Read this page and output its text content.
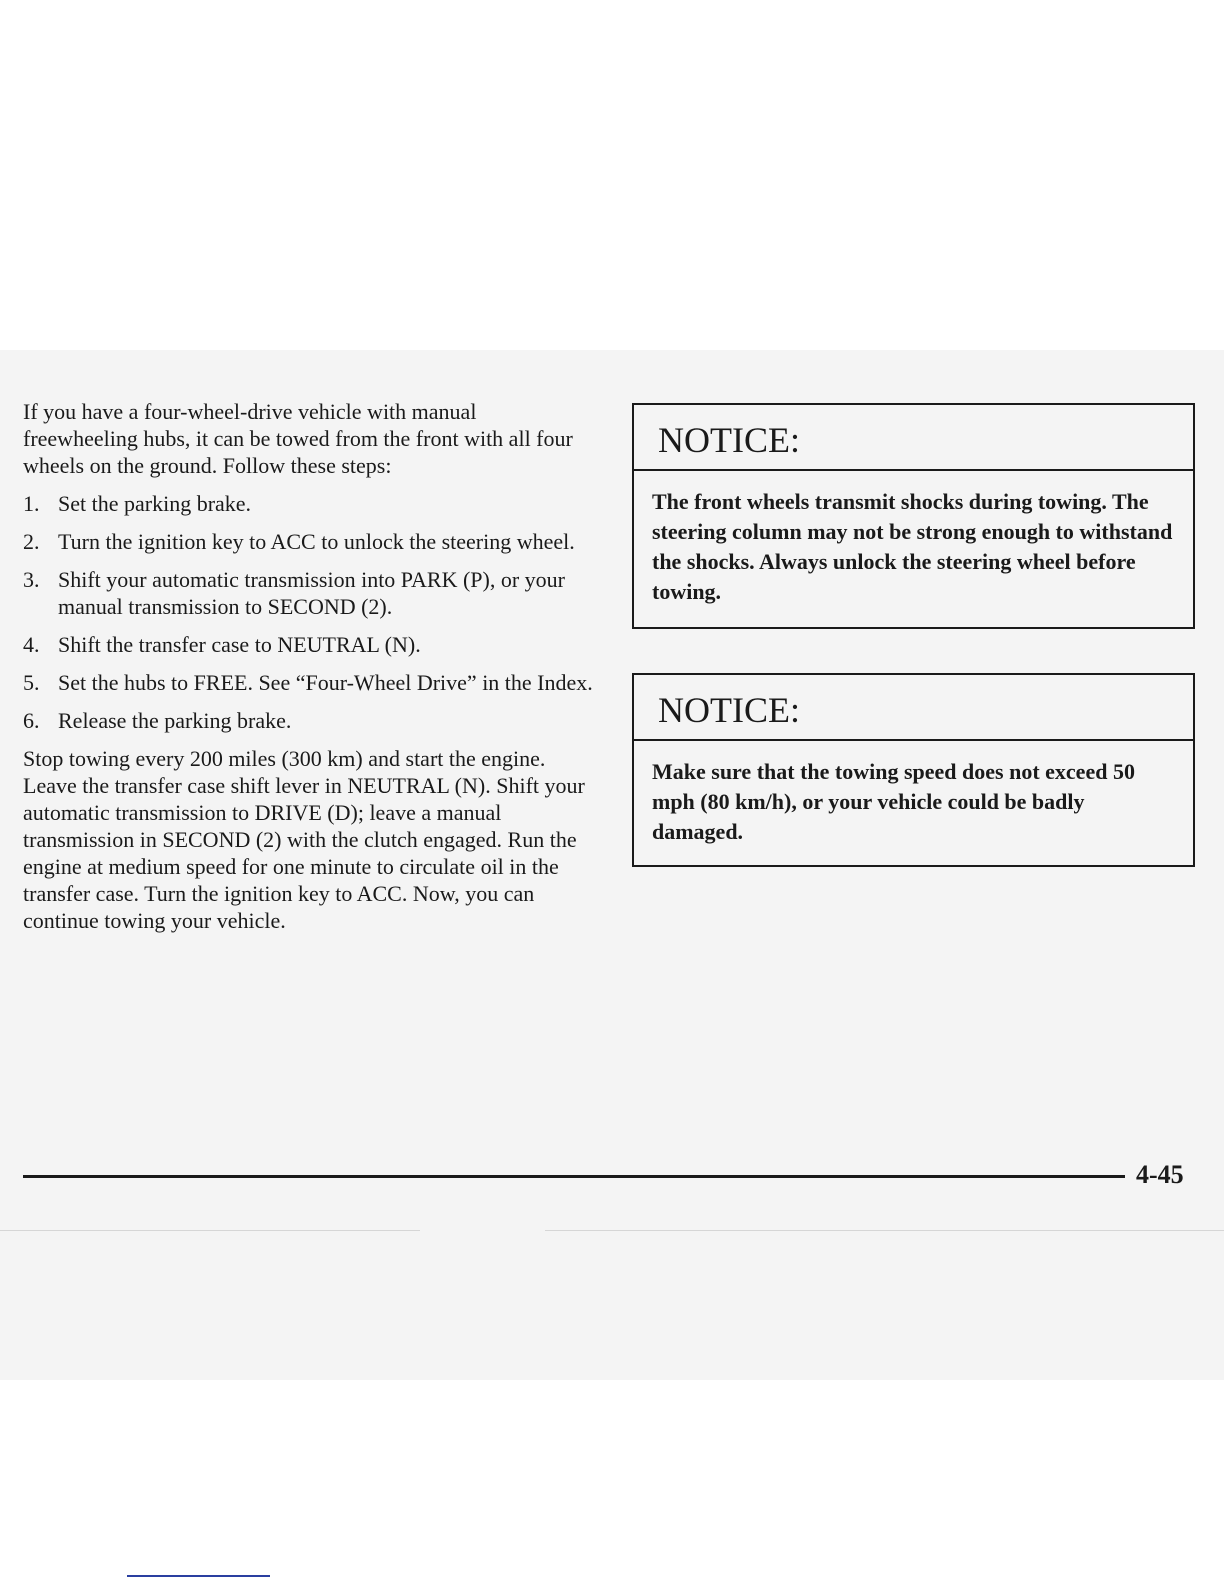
If you have a four-wheel-drive vehicle with manual freewheeling hubs, it can be towed from the front with all four wheels on the ground. Follow these steps:

1. Set the parking brake.
2. Turn the ignition key to ACC to unlock the steering wheel.
3. Shift your automatic transmission into PARK (P), or your manual transmission to SECOND (2).
4. Shift the transfer case to NEUTRAL (N).
5. Set the hubs to FREE. See “Four-Wheel Drive” in the Index.
6. Release the parking brake.

Stop towing every 200 miles (300 km) and start the engine. Leave the transfer case shift lever in NEUTRAL (N). Shift your automatic transmission to DRIVE (D); leave a manual transmission in SECOND (2) with the clutch engaged. Run the engine at medium speed for one minute to circulate oil in the transfer case. Turn the ignition key to ACC. Now, you can continue towing your vehicle.

NOTICE:
The front wheels transmit shocks during towing. The steering column may not be strong enough to withstand the shocks. Always unlock the steering wheel before towing.
NOTICE:
Make sure that the towing speed does not exceed 50 mph (80 km/h), or your vehicle could be badly damaged.
4-45
